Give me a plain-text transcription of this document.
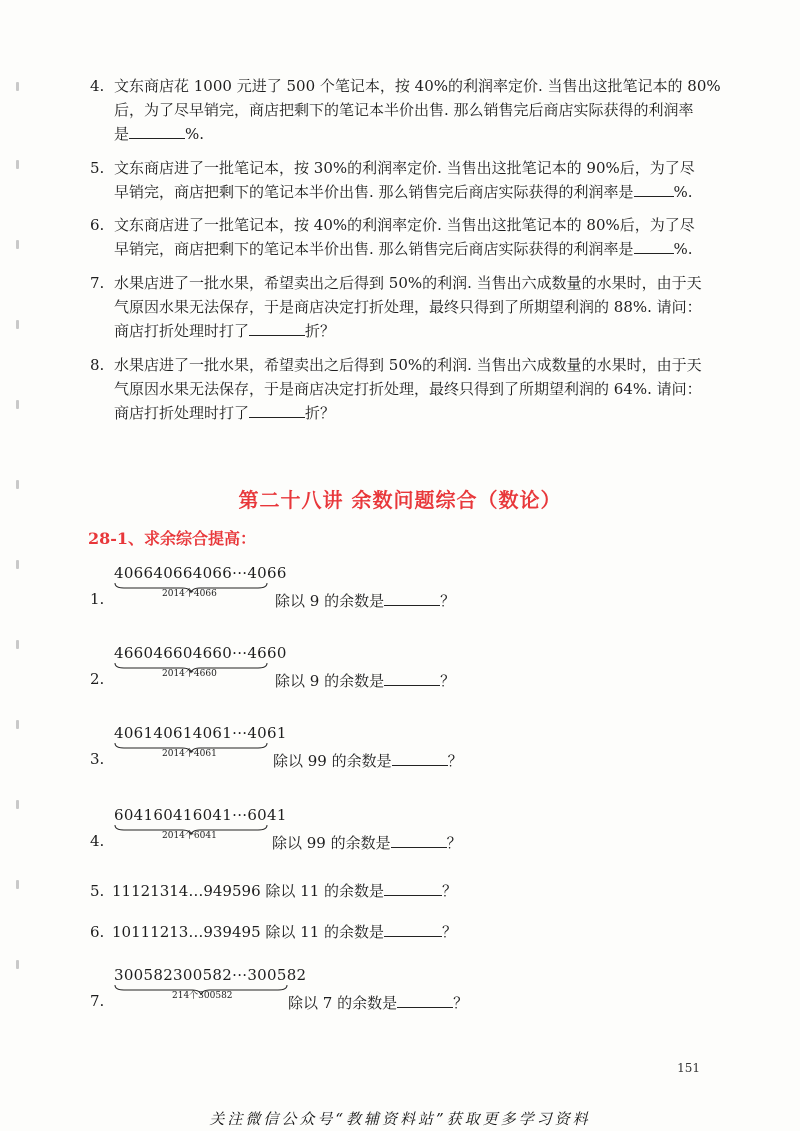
4. 文东商店花 1000 元进了 500 个笔记本，按 40%的利润率定价. 当售出这批笔记本的 80%
后，为了尽早销完，商店把剩下的笔记本半价出售. 那么销售完后商店实际获得的利润率
是	%.
5. 文东商店进了一批笔记本，按 30%的利润率定价. 当售出这批笔记本的 90%后，为了尽
早销完，商店把剩下的笔记本半价出售. 那么销售完后商店实际获得的利润率是	%.
6. 文东商店进了一批笔记本，按 40%的利润率定价. 当售出这批笔记本的 80%后，为了尽
早销完，商店把剩下的笔记本半价出售. 那么销售完后商店实际获得的利润率是	%.
7. 水果店进了一批水果，希望卖出之后得到 50%的利润. 当售出六成数量的水果时，由于天
气原因水果无法保存，于是商店决定打折处理，最终只得到了所期望利润的 88%. 请问：
商店打折处理时打了	折？
8. 水果店进了一批水果，希望卖出之后得到 50%的利润. 当售出六成数量的水果时，由于天
气原因水果无法保存，于是商店决定打折处理，最终只得到了所期望利润的 64%. 请问：
商店打折处理时打了	折？
第二十八讲 余数问题综合（数论）
28-1、求余综合提高：
1.
406640664066···4066
2014个4066	除以 9 的余数是	？
2.
466046604660···4660
2014个4660	除以 9 的余数是	？
3.
406140614061···4061
2014个4061	除以 99 的余数是	？
4.
604160416041···6041
2014个6041	除以 99 的余数是	？
5. 11121314…949596 除以 11 的余数是	？
6. 10111213…939495 除以 11 的余数是	？
7.
300582300582···300582
214个300582	除以 7 的余数是	？
151
关注微信公众号“教辅资料站”获取更多学习资料
